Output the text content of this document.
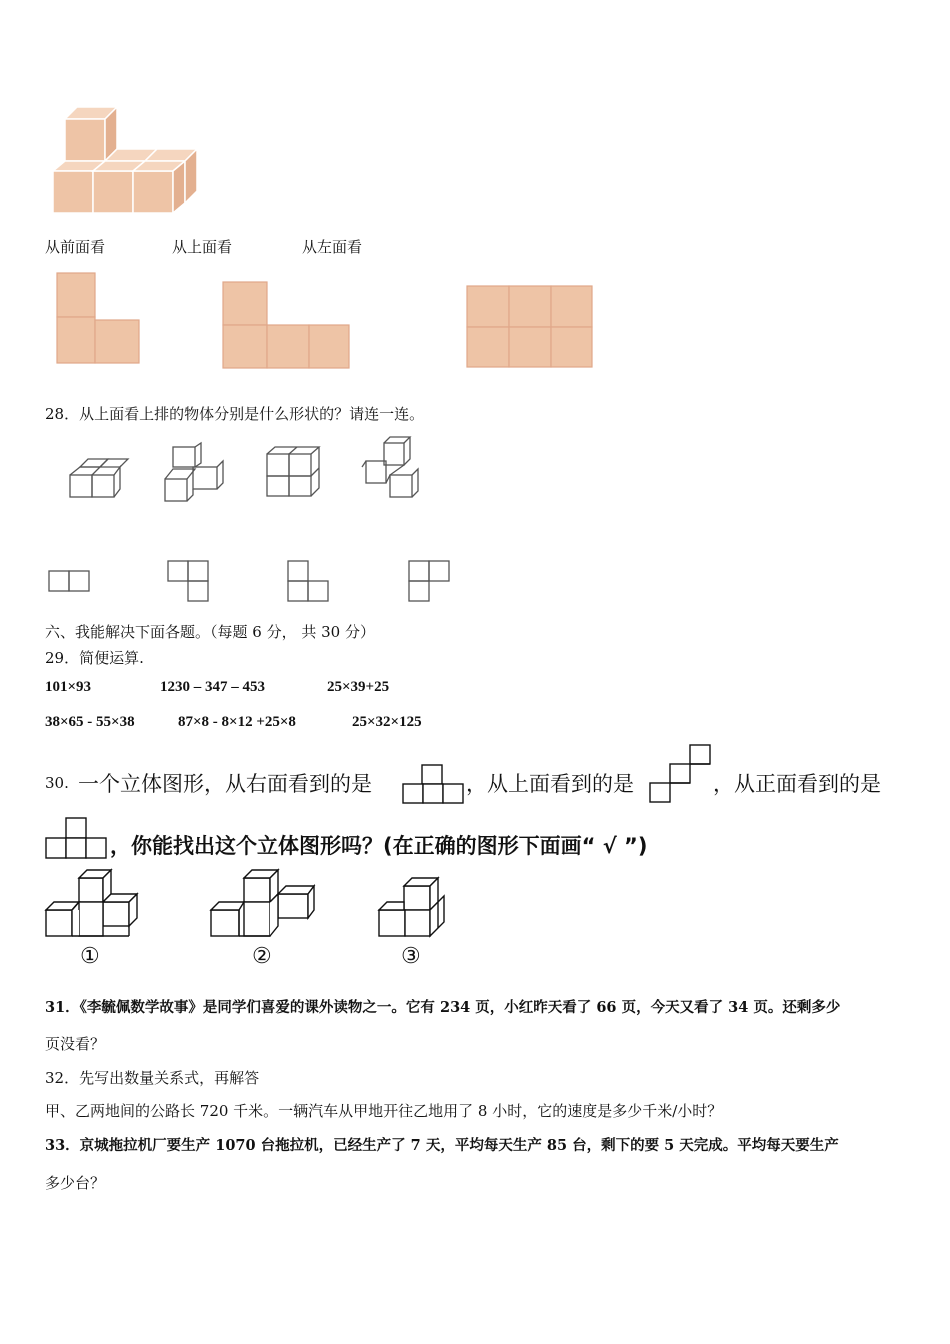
从前面看	从上面看	从左面看
28．从上面看上排的物体分别是什么形状的？请连一连。
六、我能解决下面各题。（每题 6 分， 共 30 分）
29．简便运算.
101×93	1230 – 347 – 453	25×39+25
38×65 - 55×38	87×8 - 8×12 +25×8	25×32×125
30. 一个立体图形，从右面看到的是	，从上面看到的是	，从正面看到的是
，你能找出这个立体图形吗？(在正确的图形下面画“ √ ”)
①	②	③
31．《李毓佩数学故事》是同学们喜爱的课外读物之一。它有 234 页，小红昨天看了 66 页，今天又看了 34 页。还剩多少
页没看？
32．先写出数量关系式，再解答
甲、乙两地间的公路长 720 千米。一辆汽车从甲地开往乙地用了 8 小时，它的速度是多少千米/小时？
33．京城拖拉机厂要生产 1070 台拖拉机，已经生产了 7 天，平均每天生产 85 台，剩下的要 5 天完成。平均每天要生产
多少台？
